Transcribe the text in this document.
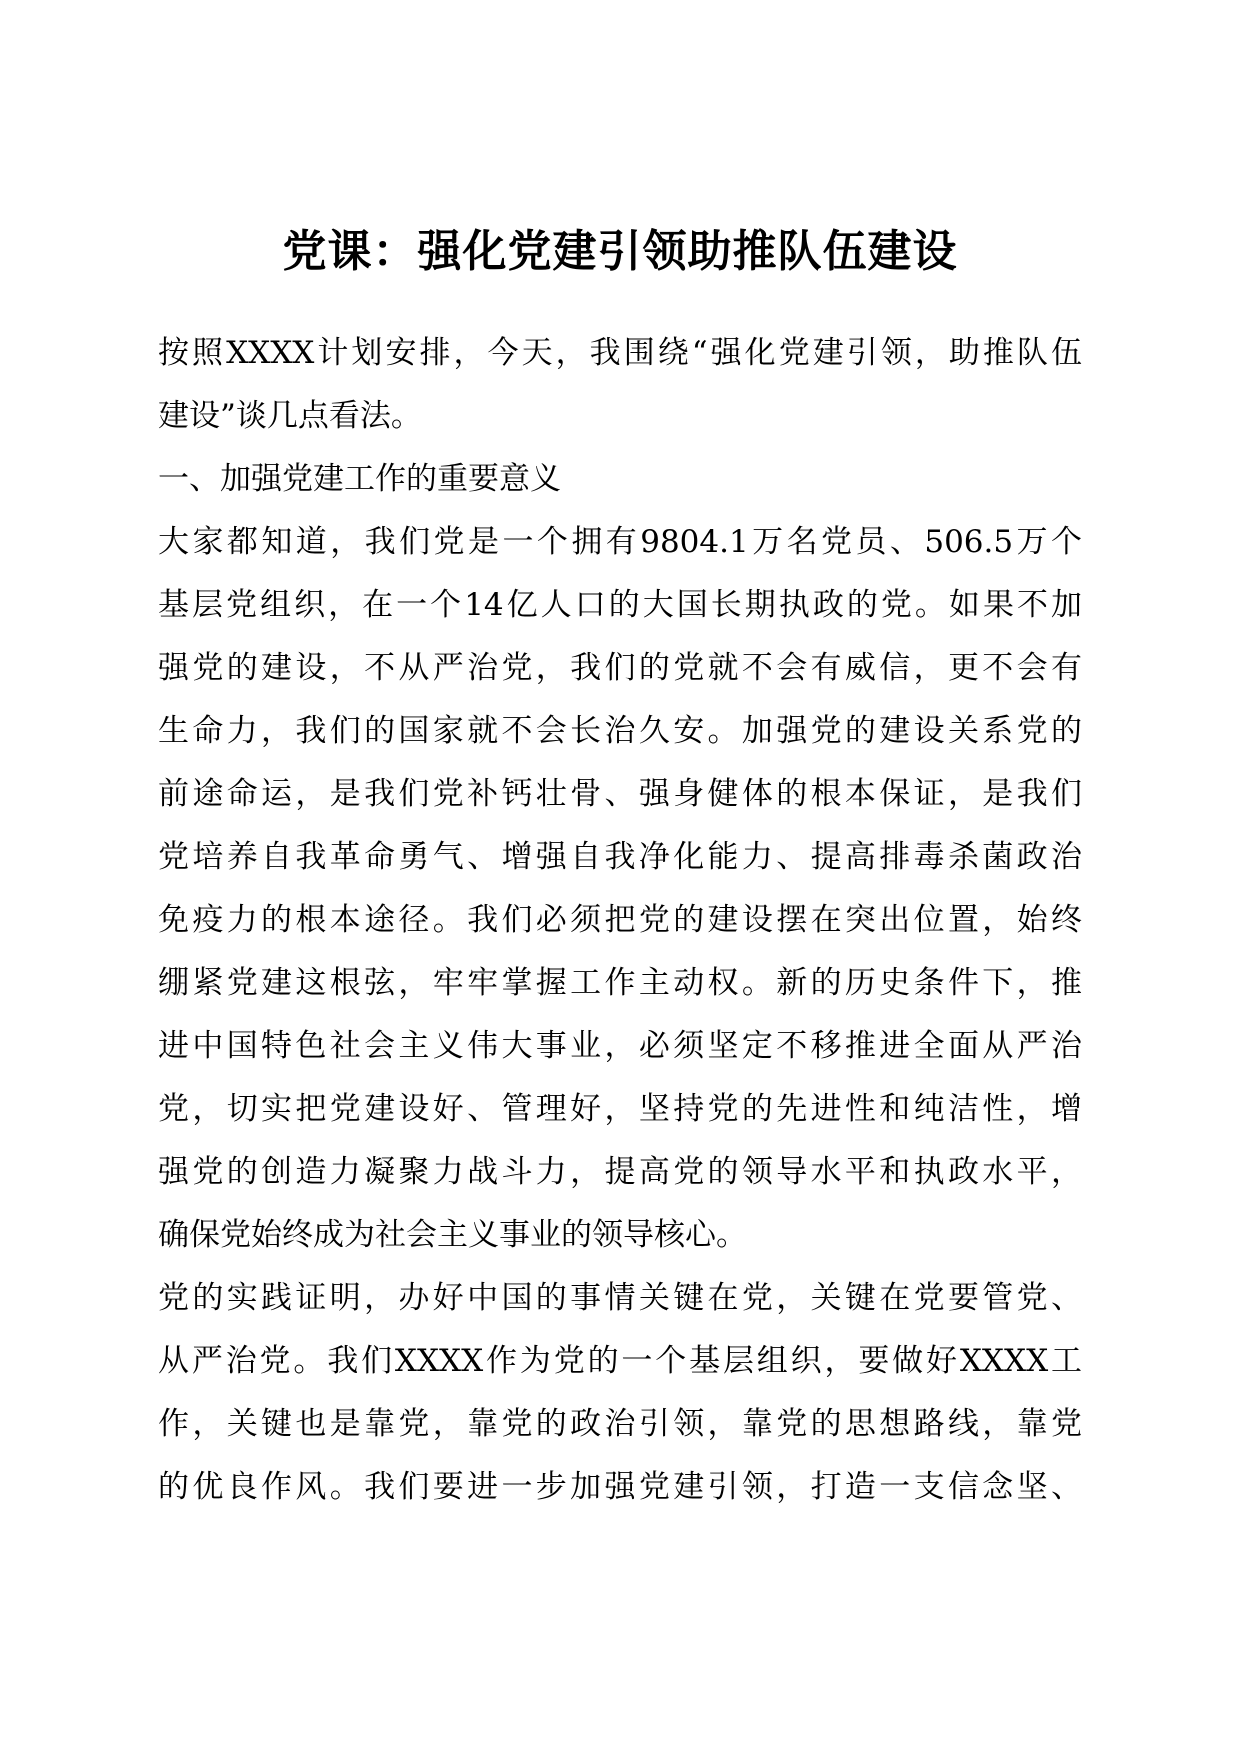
党课：强化党建引领助推队伍建设
按照XXXX计划安排，今天，我围绕“强化党建引领，助推队伍
建设”谈几点看法。
一、加强党建工作的重要意义
大家都知道，我们党是一个拥有9804.1万名党员、506.5万个
基层党组织，在一个14亿人口的大国长期执政的党。如果不加
强党的建设，不从严治党，我们的党就不会有威信，更不会有
生命力，我们的国家就不会长治久安。加强党的建设关系党的
前途命运，是我们党补钙壮骨、强身健体的根本保证，是我们
党培养自我革命勇气、增强自我净化能力、提高排毒杀菌政治
免疫力的根本途径。我们必须把党的建设摆在突出位置，始终
绷紧党建这根弦，牢牢掌握工作主动权。新的历史条件下，推
进中国特色社会主义伟大事业，必须坚定不移推进全面从严治
党，切实把党建设好、管理好，坚持党的先进性和纯洁性，增
强党的创造力凝聚力战斗力，提高党的领导水平和执政水平，
确保党始终成为社会主义事业的领导核心。
党的实践证明，办好中国的事情关键在党，关键在党要管党、
从严治党。我们XXXX作为党的一个基层组织，要做好XXXX工
作，关键也是靠党，靠党的政治引领，靠党的思想路线，靠党
的优良作风。我们要进一步加强党建引领，打造一支信念坚、
